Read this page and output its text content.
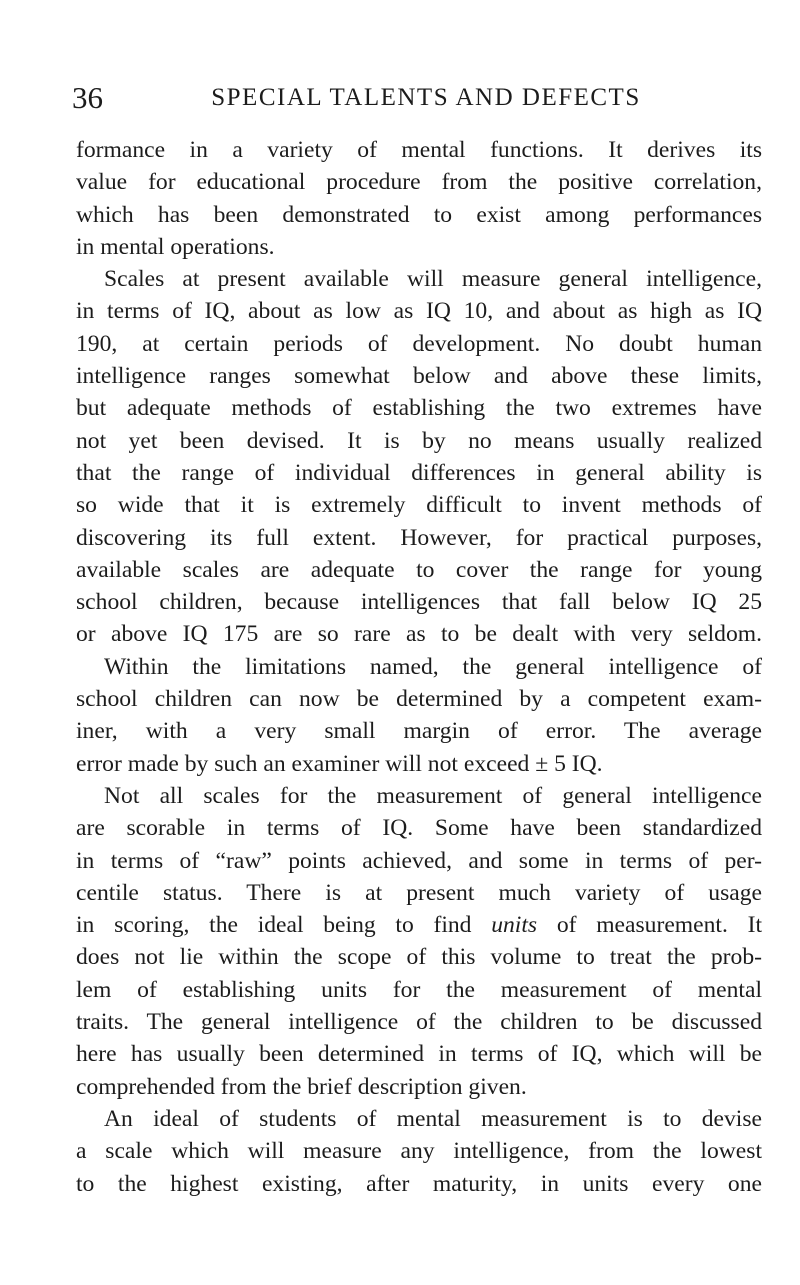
36	SPECIAL TALENTS AND DEFECTS
formance in a variety of mental functions. It derives its
value for educational procedure from the positive correlation,
which has been demonstrated to exist among performances
in mental operations.
Scales at present available will measure general intelligence,
in terms of IQ, about as low as IQ 10, and about as high as IQ
190, at certain periods of development. No doubt human
intelligence ranges somewhat below and above these limits,
but adequate methods of establishing the two extremes have
not yet been devised. It is by no means usually realized
that the range of individual differences in general ability is
so wide that it is extremely difficult to invent methods of
discovering its full extent. However, for practical purposes,
available scales are adequate to cover the range for young
school children, because intelligences that fall below IQ 25
or above IQ 175 are so rare as to be dealt with very seldom.
Within the limitations named, the general intelligence of
school children can now be determined by a competent exam-
iner, with a very small margin of error. The average
error made by such an examiner will not exceed ± 5 IQ.
Not all scales for the measurement of general intelligence
are scorable in terms of IQ. Some have been standardized
in terms of “raw” points achieved, and some in terms of per-
centile status. There is at present much variety of usage
in scoring, the ideal being to find units of measurement. It
does not lie within the scope of this volume to treat the prob-
lem of establishing units for the measurement of mental
traits. The general intelligence of the children to be discussed
here has usually been determined in terms of IQ, which will be
comprehended from the brief description given.
An ideal of students of mental measurement is to devise
a scale which will measure any intelligence, from the lowest
to the highest existing, after maturity, in units every one
